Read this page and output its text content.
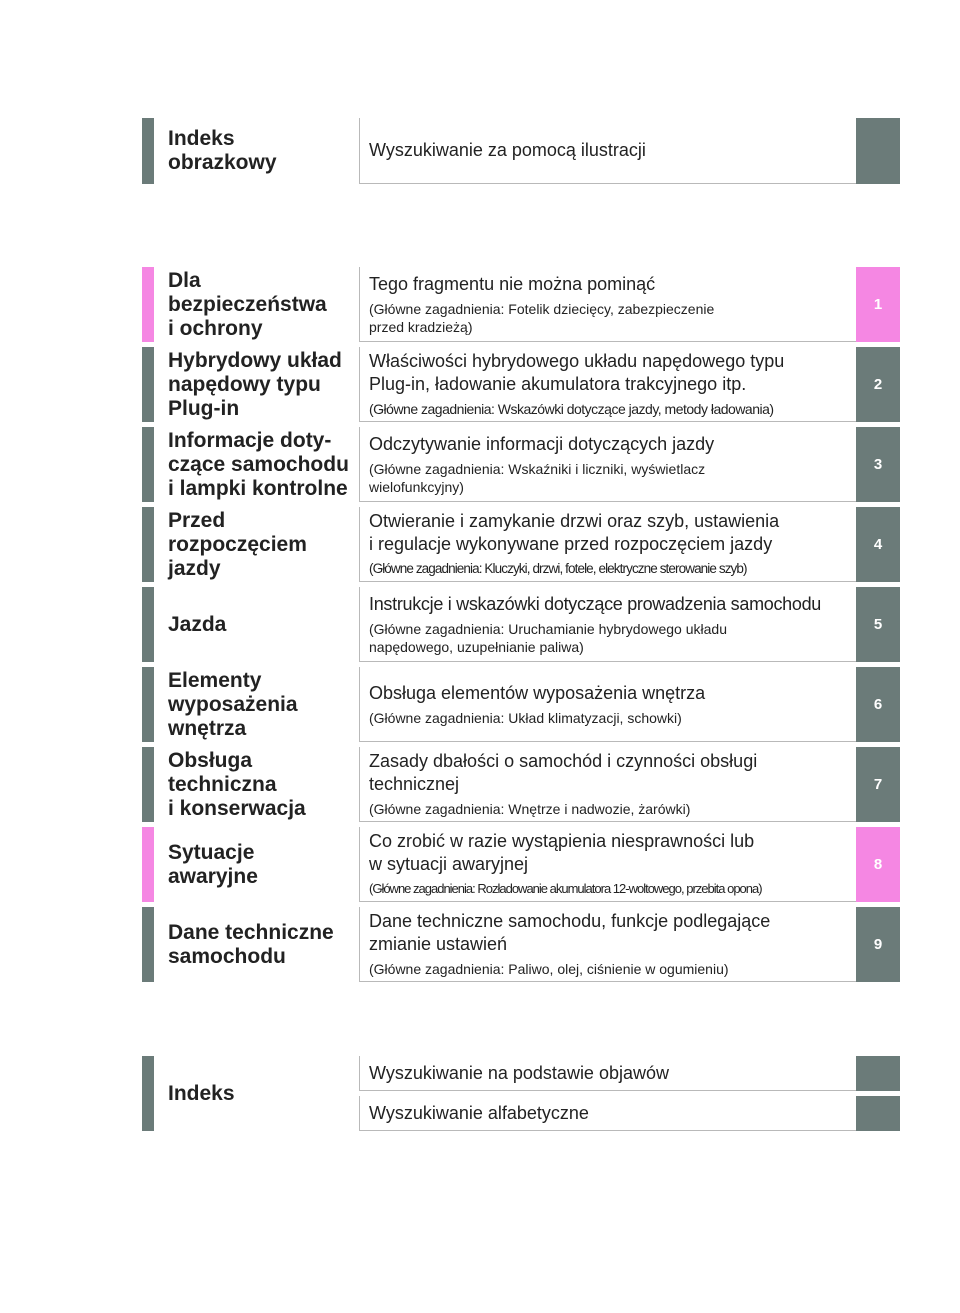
Indeks
obrazkowy
Wyszukiwanie za pomocą ilustracji
Dla
bezpieczeństwa
i ochrony
Tego fragmentu nie można pominąć
(Główne zagadnienia: Fotelik dziecięcy, zabezpieczenie
przed kradzieżą)
1
Hybrydowy układ
napędowy typu
Plug-in
Właściwości hybrydowego układu napędowego typu
Plug-in, ładowanie akumulatora trakcyjnego itp.
(Główne zagadnienia: Wskazówki dotyczące jazdy, metody ładowania)
2
Informacje doty-
czące samochodu
i lampki kontrolne
Odczytywanie informacji dotyczących jazdy
(Główne zagadnienia: Wskaźniki i liczniki, wyświetlacz
wielofunkcyjny)
3
Przed
rozpoczęciem
jazdy
Otwieranie i zamykanie drzwi oraz szyb, ustawienia
i regulacje wykonywane przed rozpoczęciem jazdy
(Główne zagadnienia: Kluczyki, drzwi, fotele, elektryczne sterowanie szyb)
4
Jazda
Instrukcje i wskazówki dotyczące prowadzenia samochodu
(Główne zagadnienia: Uruchamianie hybrydowego układu
napędowego, uzupełnianie paliwa)
5
Elementy
wyposażenia
wnętrza
Obsługa elementów wyposażenia wnętrza
(Główne zagadnienia: Układ klimatyzacji, schowki)
6
Obsługa
techniczna
i konserwacja
Zasady dbałości o samochód i czynności obsługi
technicznej
(Główne zagadnienia: Wnętrze i nadwozie, żarówki)
7
Sytuacje
awaryjne
Co zrobić w razie wystąpienia niesprawności lub
w sytuacji awaryjnej
(Główne zagadnienia: Rozładowanie akumulatora 12-woltowego, przebita opona)
8
Dane techniczne
samochodu
Dane techniczne samochodu, funkcje podlegające
zmianie ustawień
(Główne zagadnienia: Paliwo, olej, ciśnienie w ogumieniu)
9
Indeks
Wyszukiwanie na podstawie objawów
Wyszukiwanie alfabetyczne
